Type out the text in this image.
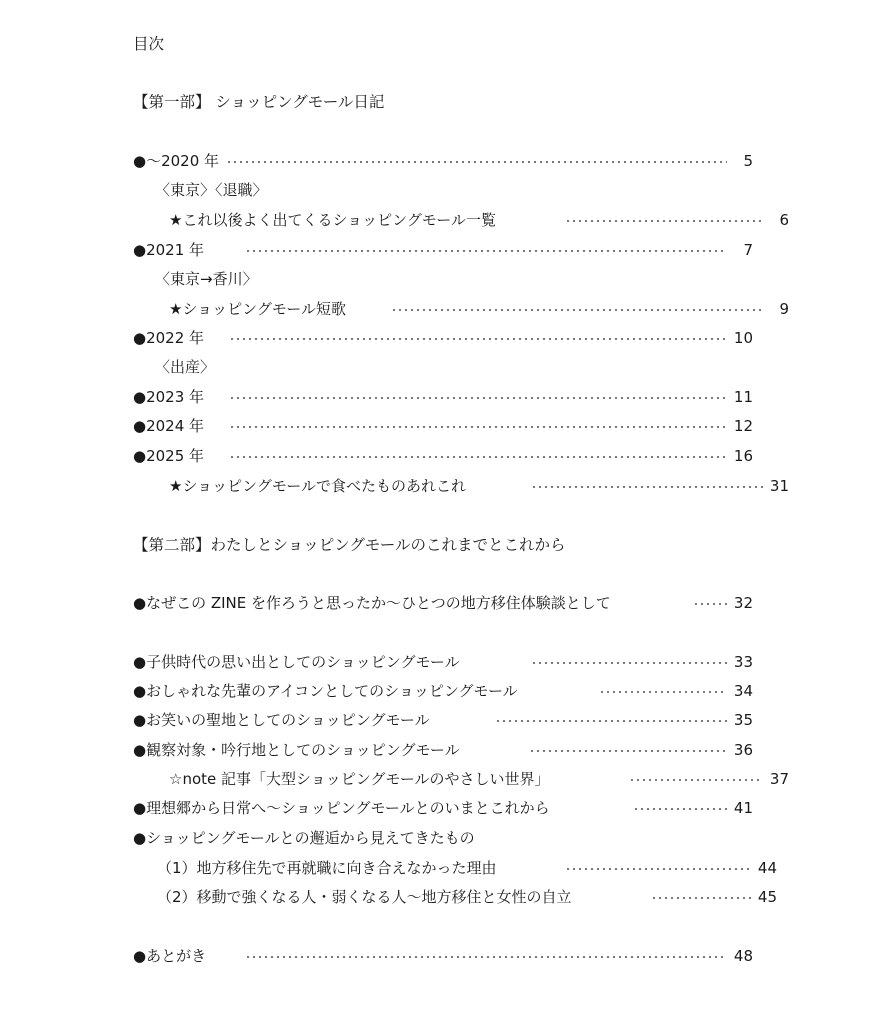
目次
【第一部】 ショッピングモール日記
●～2020 年	5
〈東京〉〈退職〉
★これ以後よく出てくるショッピングモール一覧	6
●2021 年	7
〈東京→香川〉
★ショッピングモール短歌	9
●2022 年	10
〈出産〉
●2023 年	11
●2024 年	12
●2025 年	16
★ショッピングモールで食べたものあれこれ	31
【第二部】わたしとショッピングモールのこれまでとこれから
●なぜこの ZINE を作ろうと思ったか～ひとつの地方移住体験談として	32
●子供時代の思い出としてのショッピングモール	33
●おしゃれな先輩のアイコンとしてのショッピングモール	34
●お笑いの聖地としてのショッピングモール	35
●観察対象・吟行地としてのショッピングモール	36
☆note 記事「大型ショッピングモールのやさしい世界」	37
●理想郷から日常へ～ショッピングモールとのいまとこれから	41
●ショッピングモールとの邂逅から見えてきたもの
（1）地方移住先で再就職に向き合えなかった理由	44
（2）移動で強くなる人・弱くなる人～地方移住と女性の自立	45
●あとがき	48
